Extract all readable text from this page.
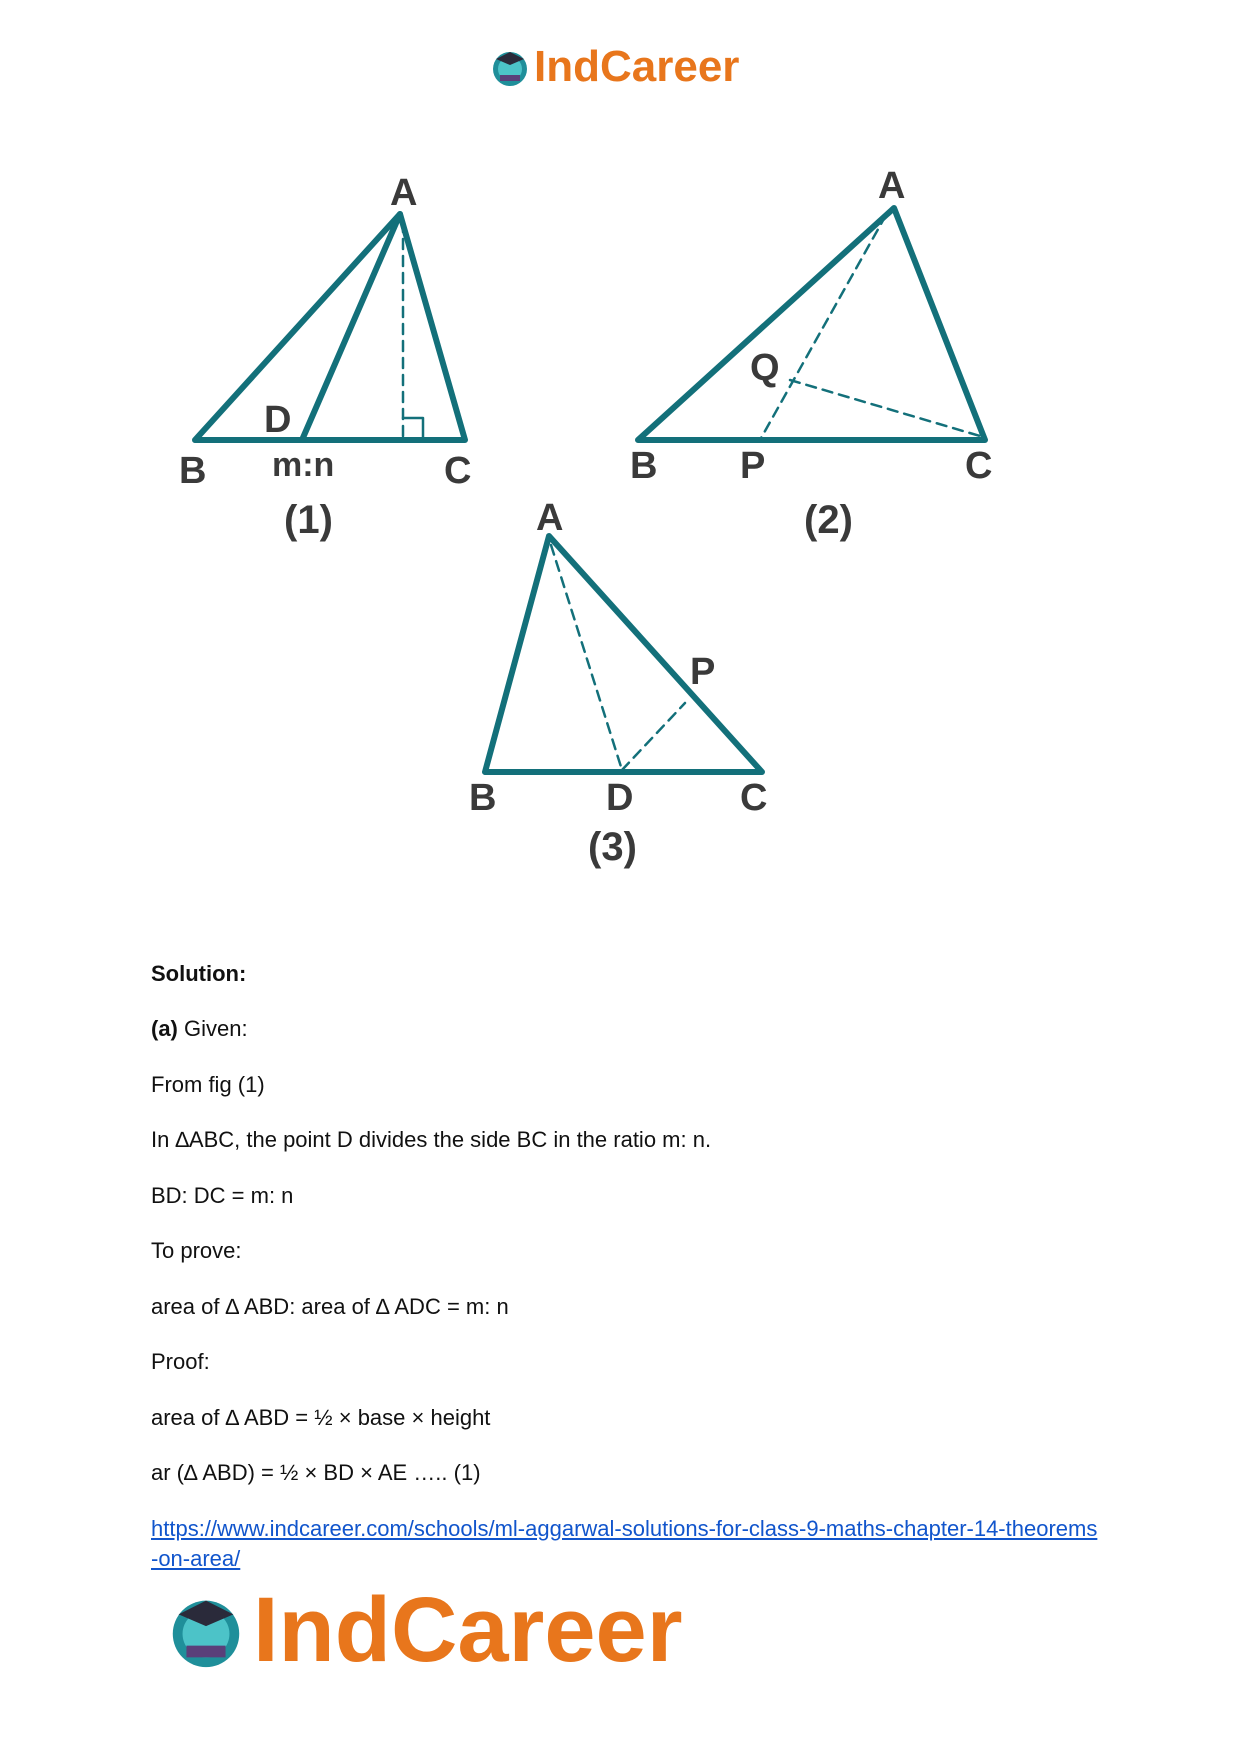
IndCareer
A
B	C
D
m:n
(1)
A
B P
Q
C
(2)
A
B	D	C
P
(3)
Solution:
(a) Given:
From fig (1)
In ∆ABC, the point D divides the side BC in the ratio m: n.
BD: DC = m: n
To prove:
area of ∆ ABD: area of ∆ ADC = m: n
Proof:
area of ∆ ABD = ½ × base × height
ar (∆ ABD) = ½ × BD × AE ….. (1)
https://www.indcareer.com/schools/ml-aggarwal-solutions-for-class-9-maths-chapter-14-theorems-on-area/
IndCareer
